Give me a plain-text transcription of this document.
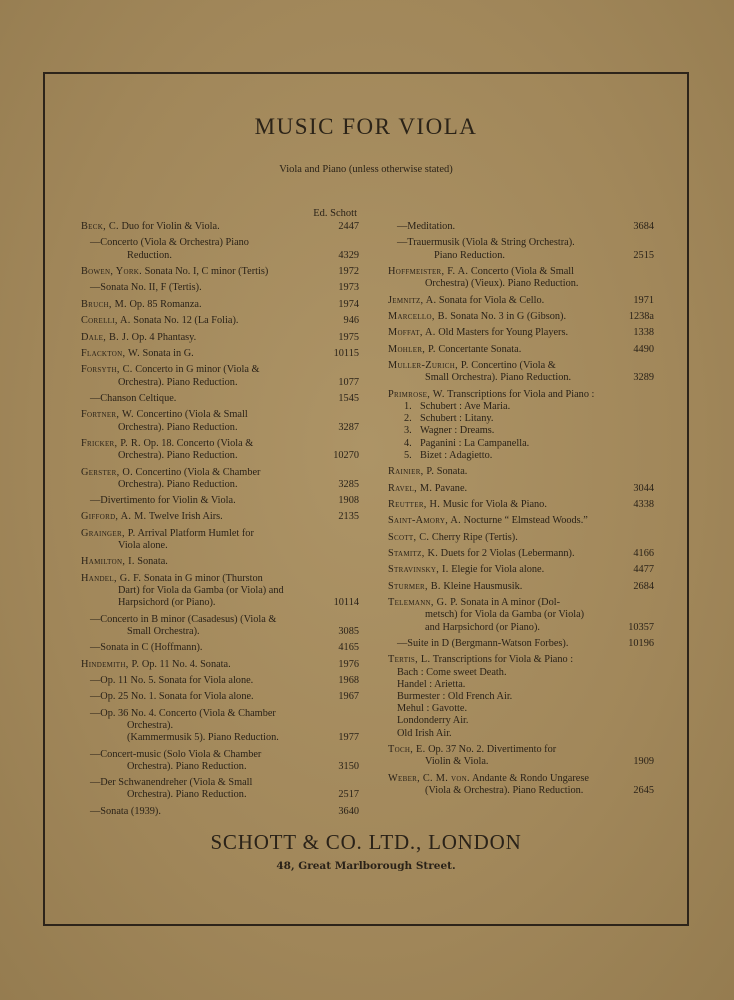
MUSIC FOR VIOLA
Viola and Piano (unless otherwise stated)
Ed. Schott
Beck, C. Duo for Violin & Viola.	2447
—Concerto (Viola & Orchestra) Piano
Reduction.	4329
Bowen, York. Sonata No. I, C minor (Tertis)	1972
—Sonata No. II, F (Tertis).	1973
Bruch, M. Op. 85 Romanza.	1974
Corelli, A. Sonata No. 12 (La Folia).	946
Dale, B. J. Op. 4 Phantasy.	1975
Flackton, W. Sonata in G.	10115
Forsyth, C. Concerto in G minor (Viola &
Orchestra). Piano Reduction.	1077
—Chanson Celtique.	1545
Fortner, W. Concertino (Viola & Small
Orchestra). Piano Reduction.	3287
Fricker, P. R. Op. 18. Concerto (Viola &
Orchestra). Piano Reduction.	10270
Gerster, O. Concertino (Viola & Chamber
Orchestra). Piano Reduction.	3285
—Divertimento for Violin & Viola.	1908
Gifford, A. M. Twelve Irish Airs.	2135
Grainger, P. Arrival Platform Humlet for
Viola alone.
Hamilton, I. Sonata.
Handel, G. F. Sonata in G minor (Thurston
Dart) for Viola da Gamba (or Viola) and
Harpsichord (or Piano).	10114
—Concerto in B minor (Casadesus) (Viola &
Small Orchestra).	3085
—Sonata in C (Hoffmann).	4165
Hindemith, P. Op. 11 No. 4. Sonata.	1976
—Op. 11 No. 5. Sonata for Viola alone.	1968
—Op. 25 No. 1. Sonata for Viola alone.	1967
—Op. 36 No. 4. Concerto (Viola & Chamber
Orchestra).
(Kammermusik 5). Piano Reduction.	1977
—Concert-music (Solo Viola & Chamber
Orchestra). Piano Reduction.	3150
—Der Schwanendreher (Viola & Small
Orchestra). Piano Reduction.	2517
—Sonata (1939).	3640
—Meditation.	3684
—Trauermusik (Viola & String Orchestra).
Piano Reduction.	2515
Hoffmeister, F. A. Concerto (Viola & Small
Orchestra) (Vieux). Piano Reduction.
Jemnitz, A. Sonata for Viola & Cello.	1971
Marcello, B. Sonata No. 3 in G (Gibson).	1238a
Moffat, A. Old Masters for Young Players.	1338
Mohler, P. Concertante Sonata.	4490
Muller-Zurich, P. Concertino (Viola &
Small Orchestra). Piano Reduction.	3289
Primrose, W. Transcriptions for Viola and Piano :
1. Schubert : Ave Maria.
2. Schubert : Litany.
3. Wagner : Dreams.
4. Paganini : La Campanella.
5. Bizet : Adagietto.
Rainier, P. Sonata.
Ravel, M. Pavane.	3044
Reutter, H. Music for Viola & Piano.	4338
Saint-Amory, A. Nocturne “ Elmstead Woods.”
Scott, C. Cherry Ripe (Tertis).
Stamitz, K. Duets for 2 Violas (Lebermann).	4166
Stravinsky, I. Elegie for Viola alone.	4477
Sturmer, B. Kleine Hausmusik.	2684
Telemann, G. P. Sonata in A minor (Dol-
metsch) for Viola da Gamba (or Viola)
and Harpsichord (or Piano).	10357
—Suite in D (Bergmann-Watson Forbes).	10196
Tertis, L. Transcriptions for Viola & Piano :
Bach : Come sweet Death.
Handel : Arietta.
Burmester : Old French Air.
Mehul : Gavotte.
Londonderry Air.
Old Irish Air.
Toch, E. Op. 37 No. 2. Divertimento for
Violin & Viola.	1909
Weber, C. M. von. Andante & Rondo Ungarese
(Viola & Orchestra). Piano Reduction.	2645
SCHOTT & CO. LTD., LONDON
48, Great Marlborough Street.
